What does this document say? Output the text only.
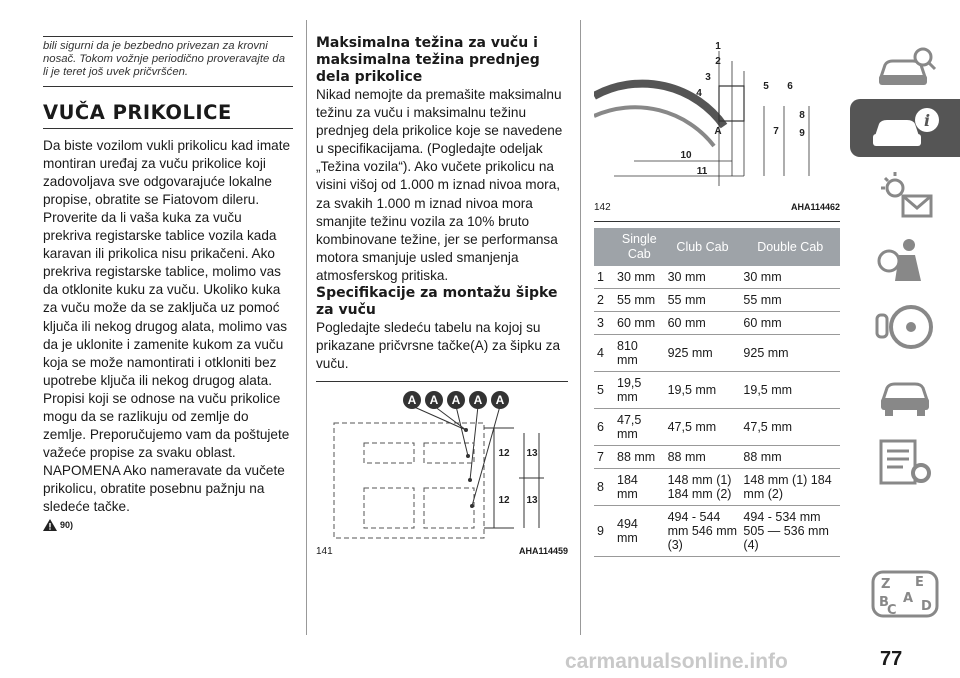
bili sigurni da je bezbedno privezan za krovni nosač. Tokom vožnje periodično proveravajte da li je teret još uvek pričvršćen.
VUČA PRIKOLICE

Da biste vozilom vukli prikolicu kad imate montiran uređaj za vuču prikolice koji zadovoljava sve odgovarajuće lokalne propise, obratite se Fiatovom dileru.

Proverite da li vaša kuka za vuču prekriva registarske tablice vozila kada karavan ili prikolica nisu prikačeni. Ako prekriva registarske tablice, molimo vas da otklonite kuku za vuču. Ukoliko kuka za vuču može da se zaključa uz pomoć ključa ili nekog drugog alata, molimo vas da je uklonite i zamenite kukom za vuču koja se može namontirati i otkloniti bez upotrebe ključa ili nekog drugog alata.

Propisi koji se odnose na vuču prikolice mogu da se razlikuju od zemlje do zemlje. Preporučujemo vam da poštujete važeće propise za svaku oblast.

NAPOMENA Ako nameravate da vučete prikolicu, obratite posebnu pažnju na sledeće tačke.

90)
Maksimalna težina za vuču i maksimalna težina prednjeg dela prikolice

Nikad nemojte da premašite maksimalnu težinu za vuču i maksimalnu težinu prednjeg dela prikolice koje se navedene u specifikacijama. (Pogledajte odeljak „Težina vozila“). Ako vučete prikolicu na visini višoj od 1.000 m iznad nivoa mora, za svakih 1.000 m iznad nivoa mora smanjite težinu vozila za 10% bruto kombinovane težine, jer se performansa motora smanjuje usled smanjenja atmosferskog pritiska.

Specifikacije za montažu šipke za vuču

Pogledajte sledeću tabelu na kojoj su prikazane pričvrsne tačke(A) za šipku za vuču.

A A A A A
12 13
12 13
141	AHA114459
1
2
3
4
5 6
A	7
8
9
10
11
142	AHA114462
	Single Cab	Club Cab	Double Cab
1	30 mm	30 mm	30 mm
2	55 mm	55 mm	55 mm
3	60 mm	60 mm	60 mm
4	810 mm	925 mm	925 mm
5	19,5 mm	19,5 mm	19,5 mm
6	47,5 mm	47,5 mm	47,5 mm
7	88 mm	88 mm	88 mm
8	184 mm	148 mm (1) 184 mm (2)	148 mm (1) 184 mm (2)
9	494 mm	494 - 544 mm 546 mm (3)	494 - 534 mm 505 — 536 mm (4)
i
Z E
B A
C D
carmanualsonline.info	77
